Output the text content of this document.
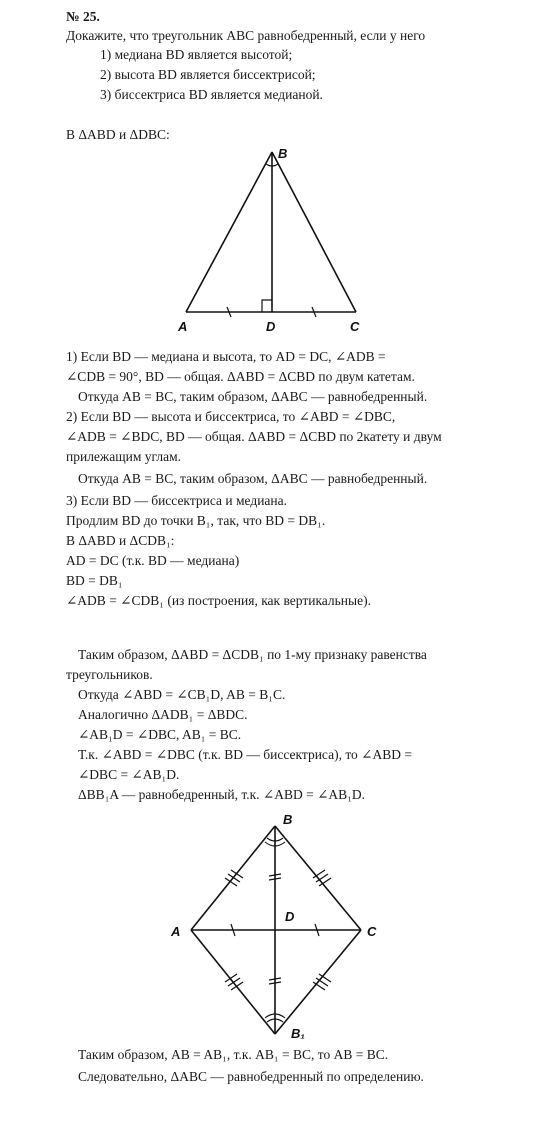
№ 25.
Докажите, что треугольник ABC равнобедренный, если у него
1) медиана BD является высотой;
2) высота BD является биссектрисой;
3) биссектриса BD является медианой.
В ΔABD и ΔDBC:
A
B
C
D
1) Если BD — медиана и высота, то AD = DC, ∠ADB =
∠CDB = 90°, BD — общая. ΔABD = ΔCBD по двум катетам.
Откуда AB = BC, таким образом, ΔABC — равнобедренный.
2) Если BD — высота и биссектриса, то ∠ABD = ∠DBC,
∠ADB = ∠BDC, BD — общая. ΔABD = ΔCBD по 2катету и двум
прилежащим углам.
Откуда AB = BC, таким образом, ΔABC — равнобедренный.
3) Если BD — биссектриса и медиана.
Продлим BD до точки B₁, так, что BD = DB₁.
В ΔABD и ΔCDB₁:
AD = DC (т.к. BD — медиана)
BD = DB₁
∠ADB = ∠CDB₁ (из построения, как вертикальные).
Таким образом, ΔABD = ΔCDB₁ по 1-му признаку равенства
треугольников.
Откуда ∠ABD = ∠CB₁D, AB = B₁C.
Аналогично ΔADB₁ = ΔBDC.
∠AB₁D = ∠DBC, AB₁ = BC.
Т.к. ∠ABD = ∠DBC (т.к. BD — биссектриса), то ∠ABD =
∠DBC = ∠AB₁D.
ΔBB₁A — равнобедренный, т.к. ∠ABD = ∠AB₁D.
B
A	C
D
B₁
Таким образом, AB = AB₁, т.к. AB₁ = BC, то AB = BC.
Следовательно, ΔABC — равнобедренный по определению.
